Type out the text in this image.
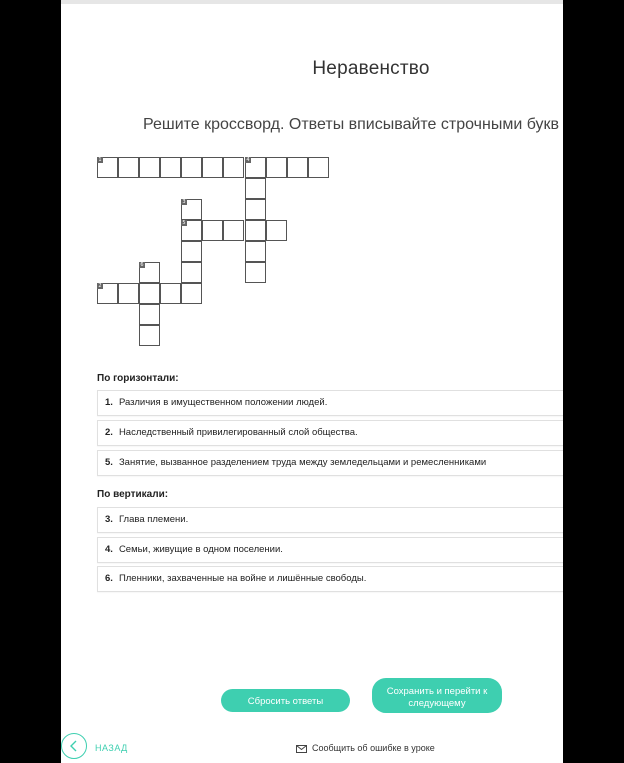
Неравенство
Решите кроссворд. Ответы вписывайте строчными букв
1	4
3
5
6
2
По горизонтали:
1. Различия в имущественном положении людей.
2. Наследственный привилегированный слой общества.
5. Занятие, вызванное разделением труда между земледельцами и ремесленниками
По вертикали:
3. Глава племени.
4. Семьи, живущие в одном поселении.
6. Пленники, захваченные на войне и лишённые свободы.
Сбросить ответы
Сохранить и перейти к
следующему
НАЗАД	Сообщить об ошибке в уроке
